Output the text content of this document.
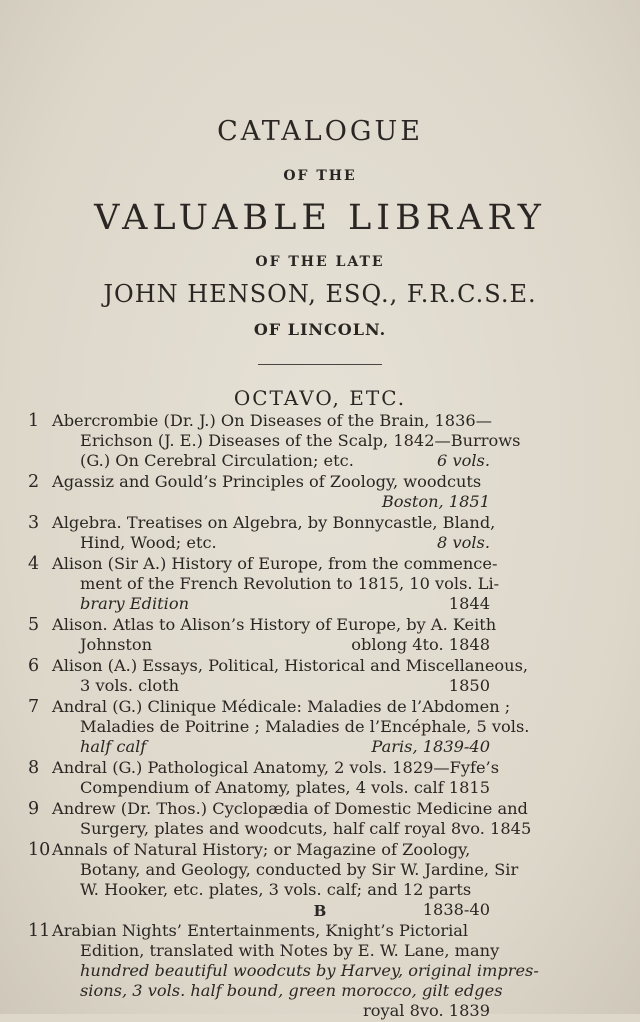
CATALOGUE
OF THE
VALUABLE LIBRARY
OF THE LATE
JOHN HENSON, ESQ., F.R.C.S.E.
OF LINCOLN.
OCTAVO, ETC.
1 Abercrombie (Dr. J.) On Diseases of the Brain, 1836—
Erichson (J. E.) Diseases of the Scalp, 1842—Burrows
(G.) On Cerebral Circulation; etc.	6 vols.
2 Agassiz and Gould’s Principles of Zoology, woodcuts
Boston, 1851
3 Algebra. Treatises on Algebra, by Bonnycastle, Bland,
Hind, Wood; etc.	8 vols.
4 Alison (Sir A.) History of Europe, from the commence-
ment of the French Revolution to 1815, 10 vols. Li-
brary Edition	1844
5 Alison. Atlas to Alison’s History of Europe, by A. Keith
Johnston	oblong 4to. 1848
6 Alison (A.) Essays, Political, Historical and Miscellaneous,
3 vols. cloth	1850
7 Andral (G.) Clinique Médicale: Maladies de l’Abdomen ;
Maladies de Poitrine ; Maladies de l’Encéphale, 5 vols.
half calf	Paris, 1839-40
8 Andral (G.) Pathological Anatomy, 2 vols. 1829—Fyfe’s
Compendium of Anatomy, plates, 4 vols. calf 1815
9 Andrew (Dr. Thos.) Cyclopædia of Domestic Medicine and
Surgery, plates and woodcuts, half calf royal 8vo. 1845
10 Annals of Natural History; or Magazine of Zoology,
Botany, and Geology, conducted by Sir W. Jardine, Sir
W. Hooker, etc. plates, 3 vols. calf; and 12 parts
1838-40
11 Arabian Nights’ Entertainments, Knight’s Pictorial
Edition, translated with Notes by E. W. Lane, many
hundred beautiful woodcuts by Harvey, original impres-
sions, 3 vols. half bound, green morocco, gilt edges
royal 8vo. 1839
B
